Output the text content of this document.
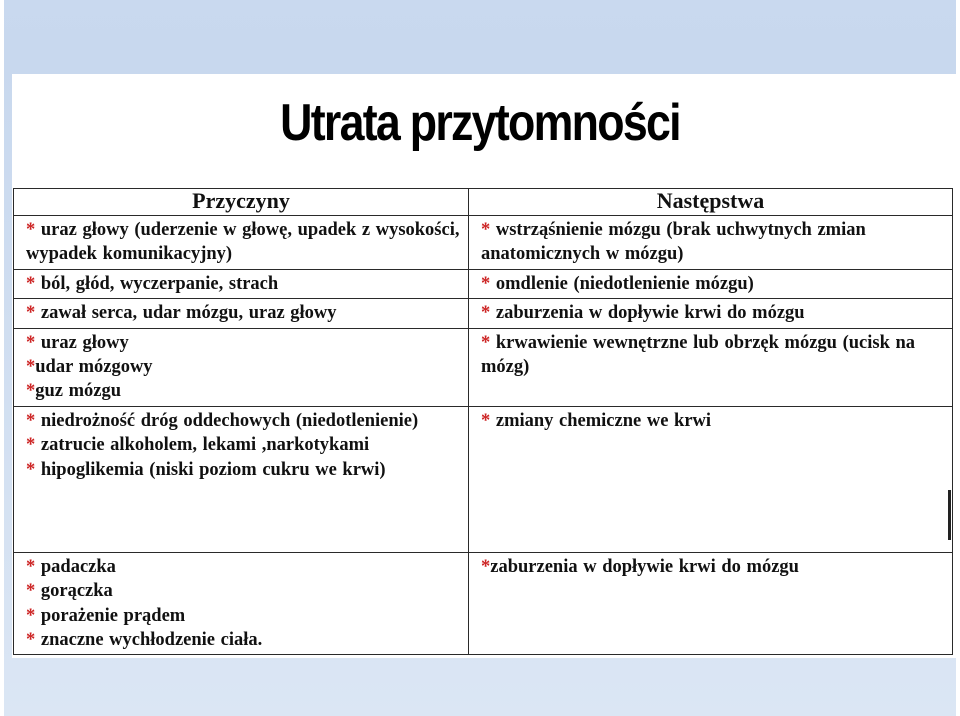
Utrata przytomności
Przyczyny	Następstwa

* uraz głowy (uderzenie w głowę, upadek z wysokości, wypadek komunikacyjny)	* wstrząśnienie mózgu (brak uchwytnych zmian anatomicznych w mózgu)

* ból, głód, wyczerpanie, strach	* omdlenie (niedotlenienie mózgu)

* zawał serca, udar mózgu, uraz głowy	* zaburzenia w dopływie krwi do mózgu

* uraz głowy
*udar mózgowy
*guz mózgu	* krwawienie wewnętrzne lub obrzęk mózgu (ucisk na mózg)

* niedrożność dróg oddechowych (niedotlenienie)
* zatrucie alkoholem, lekami ,narkotykami
* hipoglikemia (niski poziom cukru we krwi)	* zmiany chemiczne we krwi

* padaczka
* gorączka
* porażenie prądem
* znaczne wychłodzenie ciała.	*zaburzenia w dopływie krwi do mózgu
